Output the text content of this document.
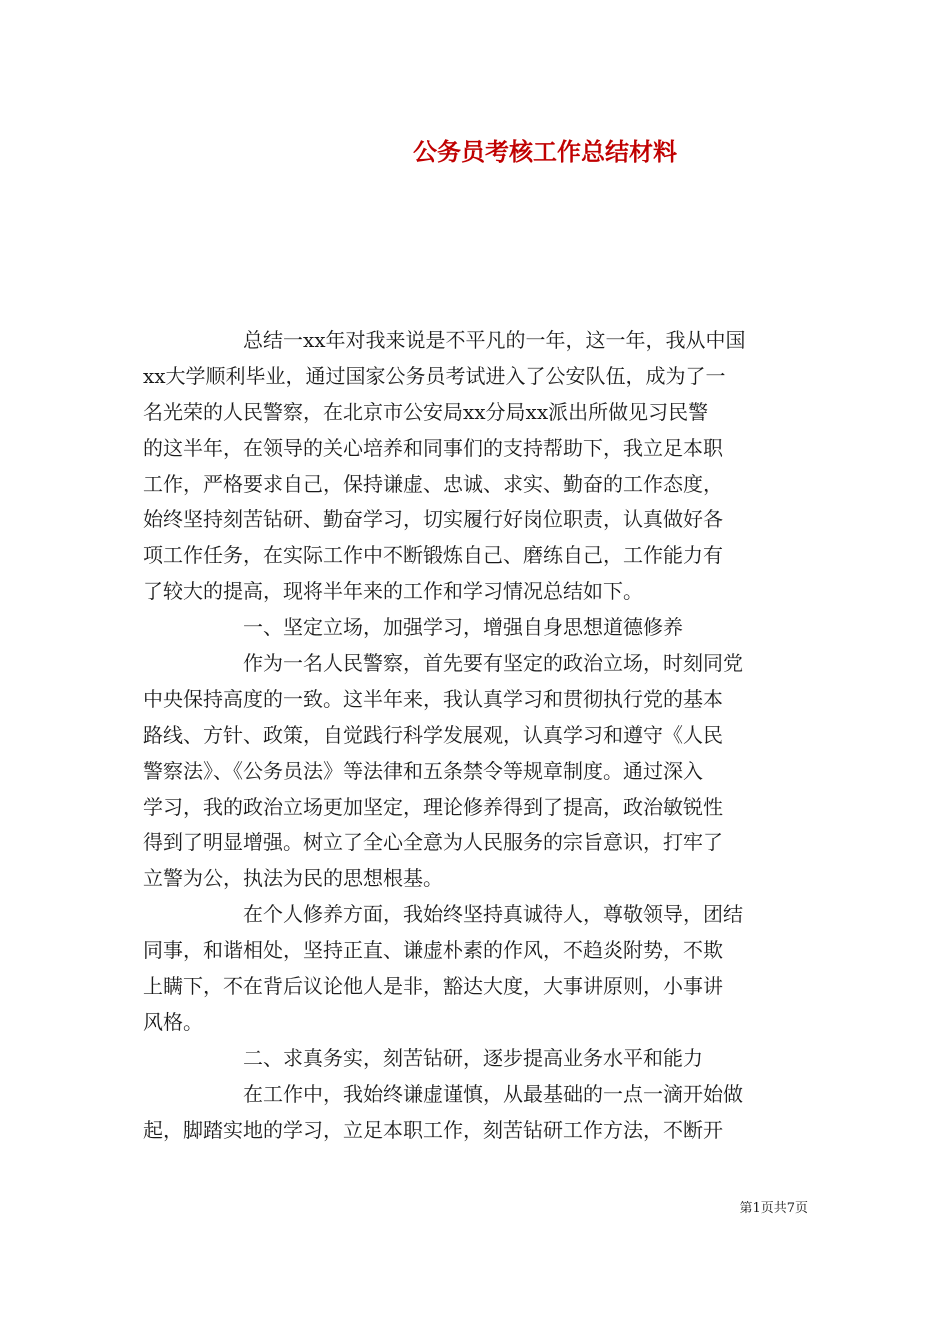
公务员考核工作总结材料
总结一xx年对我来说是不平凡的一年，这一年，我从中国
xx大学顺利毕业，通过国家公务员考试进入了公安队伍，成为了一
名光荣的人民警察，在北京市公安局xx分局xx派出所做见习民警
的这半年，在领导的关心培养和同事们的支持帮助下，我立足本职
工作，严格要求自己，保持谦虚、忠诚、求实、勤奋的工作态度，
始终坚持刻苦钻研、勤奋学习，切实履行好岗位职责，认真做好各
项工作任务，在实际工作中不断锻炼自己、磨练自己，工作能力有
了较大的提高，现将半年来的工作和学习情况总结如下。
一、坚定立场，加强学习，增强自身思想道德修养
作为一名人民警察，首先要有坚定的政治立场，时刻同党
中央保持高度的一致。这半年来，我认真学习和贯彻执行党的基本
路线、方针、政策，自觉践行科学发展观，认真学习和遵守《人民
警察法》、《公务员法》等法律和五条禁令等规章制度。通过深入
学习，我的政治立场更加坚定，理论修养得到了提高，政治敏锐性
得到了明显增强。树立了全心全意为人民服务的宗旨意识，打牢了
立警为公，执法为民的思想根基。
在个人修养方面，我始终坚持真诚待人，尊敬领导，团结
同事，和谐相处，坚持正直、谦虚朴素的作风，不趋炎附势，不欺
上瞒下，不在背后议论他人是非，豁达大度，大事讲原则，小事讲
风格。
二、求真务实，刻苦钻研，逐步提高业务水平和能力
在工作中，我始终谦虚谨慎，从最基础的一点一滴开始做
起，脚踏实地的学习，立足本职工作，刻苦钻研工作方法，不断开
第1页共7页
